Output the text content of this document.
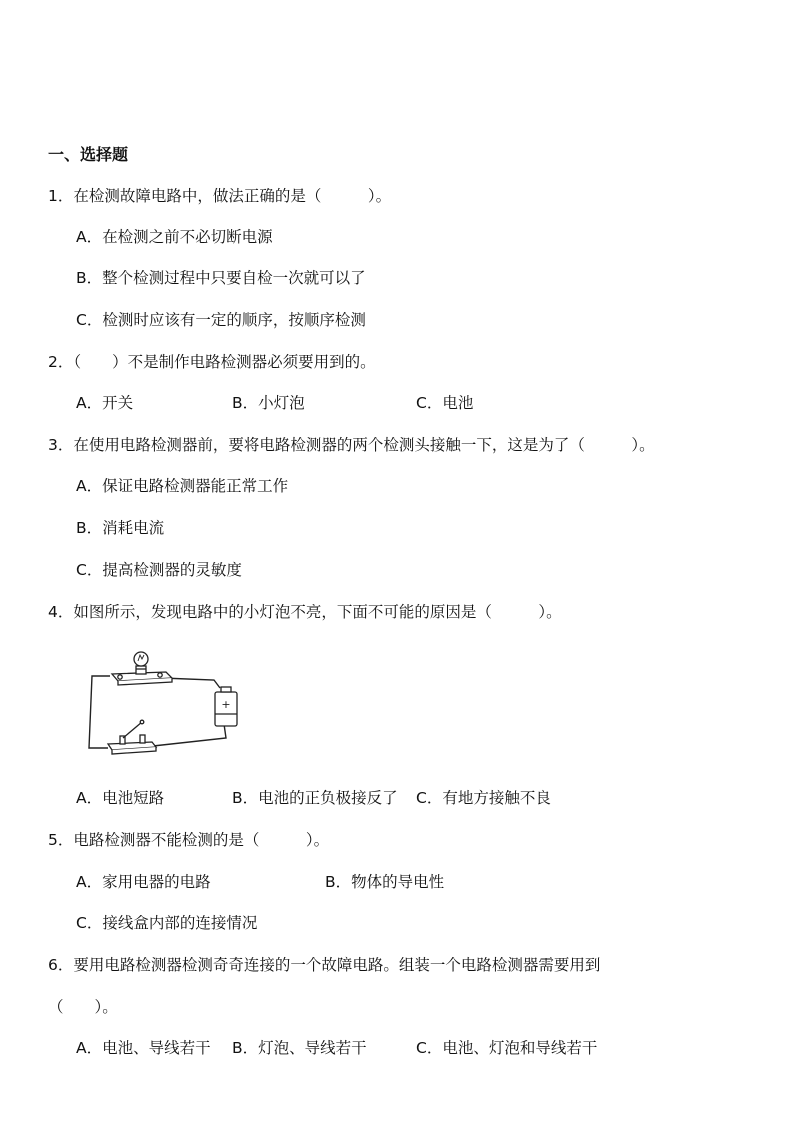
一、选择题
1．在检测故障电路中，做法正确的是（　　　）。
A．在检测之前不必切断电源
B．整个检测过程中只要自检一次就可以了
C．检测时应该有一定的顺序，按顺序检测
2．（　　）不是制作电路检测器必须要用到的。
A．开关	B．小灯泡	C．电池
3．在使用电路检测器前，要将电路检测器的两个检测头接触一下，这是为了（　　　）。
A．保证电路检测器能正常工作
B．消耗电流
C．提高检测器的灵敏度
4．如图所示，发现电路中的小灯泡不亮，下面不可能的原因是（　　　）。
+
A．电池短路	B．电池的正负极接反了 C．有地方接触不良
5．电路检测器不能检测的是（　　　）。
A．家用电器的电路	B．物体的导电性
C．接线盒内部的连接情况
6．要用电路检测器检测奇奇连接的一个故障电路。组装一个电路检测器需要用到
（　　）。
A．电池、导线若干 B．灯泡、导线若干	C．电池、灯泡和导线若干
